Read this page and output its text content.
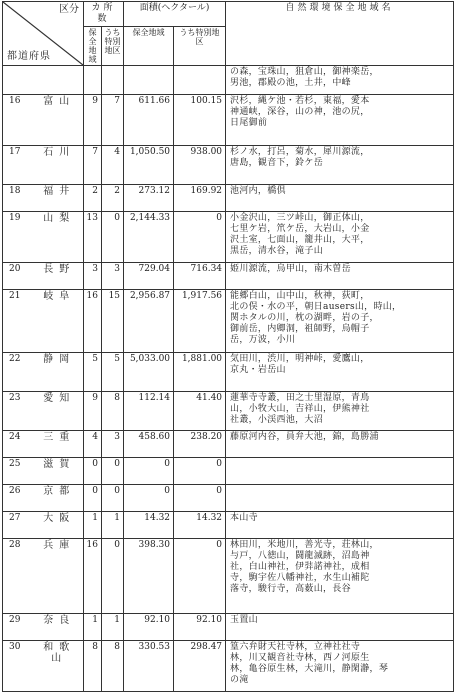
区分
都道府県		カ所数		面積(ヘクタール)		自然環境保全地域名
		保全地域	うち特別地区	保全地域	うち特別地区	

						の森，宝珠山，狙倉山，御神楽岳，
男池，郡殿の池，土井，中峰

16	富山	9	7	611.66	100.15	沢杉，縄ケ池・若杉，東福，愛本
神通峡，深谷，山の神，池の尻，
日尾御前

17	石川	7	4	1,050.50	938.00	杉ノ水，打呂，菊水，犀川源流，
唐島，観音下，鈴ケ岳

18	福井	2	2	273.12	169.92	池河内，橋倶

19	山梨	13	0	2,144.33	0	小金沢山，三ツ峠山，御正体山，
七里ケ岩，笊ケ岳，大岩山，小金
沢土室，七面山，籠井山，大平，
黒岳，清水谷，滝子山

20	長野	3	3	729.04	716.34	姫川源流，烏甲山，南木曽岳

21	岐阜	16	15	2,956.87	1,917.56	能郷白山，山中山，秋神，荻町，
北の俣・水の平，朝日ausers山，時山，
関ホタルの川，枕の湖畔，岩の子，
御前岳，内卿洞，祖師野，烏帽子
岳，万波，小川

22	静岡	5	5	5,033.00	1,881.00	気田川，渋川，明神峠，愛鷹山，
京丸・岩岳山

23	愛知	9	8	112.14	41.40	蓮華寺寺叢，田之士里湿原，青鳥
山，小牧大山，吉祥山，伊熊神社
社叢，小渓西池，大沼

24	三重	4	3	458.60	238.20	藤原河内谷，員弁大池，錦，島勝浦

25	滋賀	0	0	0	0	

26	京都	0	0	0	0	

27	大阪	1	1	14.32	14.32	本山寺

28	兵庫	16	0	398.30	0	林田川，米地川，善光寺，荘林山，
与戸，八徳山，闘龍滅跡，沼島神
社，白山神社，伊弉諾神社，成相
寺，駒宇佐八幡神社，水生山補陀
落寺，駿行寺，高薮山，長谷

29	奈良	1	1	92.10	92.10	玉置山

30	和歌山	8	8	330.53	298.47	篁六弁財天社寺林，立神社社寺
林，川又観音社寺林，西ノ河原生
林，亀谷原生林，大滝川，静閑瀞，琴
の滝
